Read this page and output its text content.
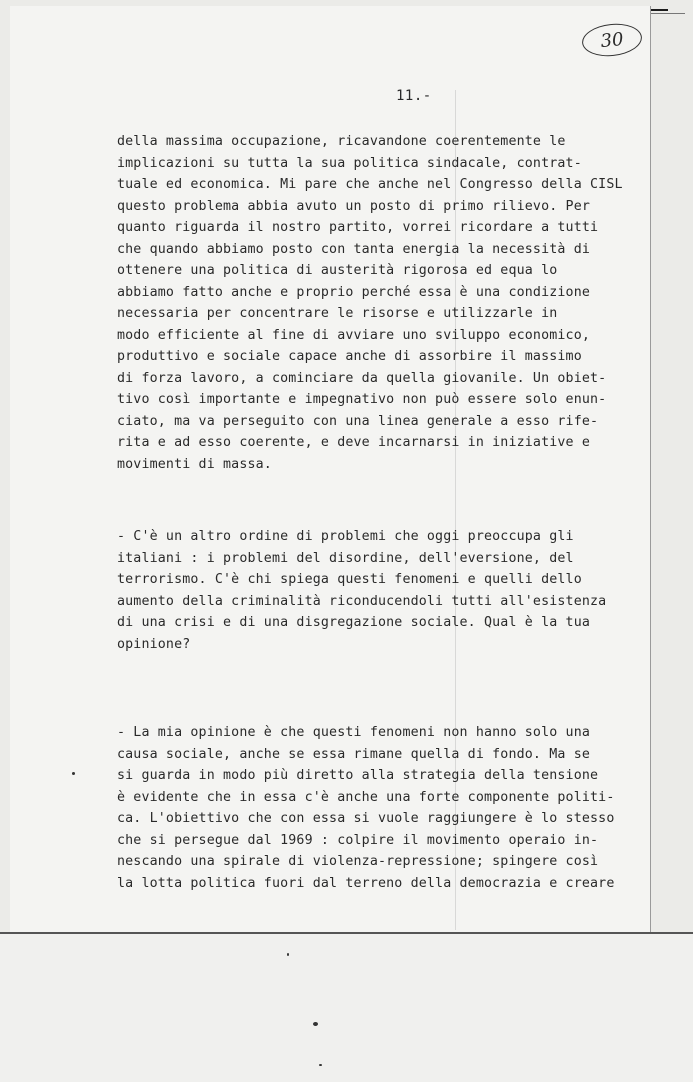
30
11.-
della massima occupazione, ricavandone coerentemente le
implicazioni su tutta la sua politica sindacale, contrat-
tuale ed economica. Mi pare che anche nel Congresso della CISL
questo problema abbia avuto un posto di primo rilievo. Per
quanto riguarda il nostro partito, vorrei ricordare a tutti
che quando abbiamo posto con tanta energia la necessità di
ottenere una politica di austerità rigorosa ed equa lo
abbiamo fatto anche e proprio perché essa è una condizione
necessaria per concentrare le risorse e utilizzarle in
modo efficiente al fine di avviare uno sviluppo economico,
produttivo e sociale capace anche di assorbire il massimo
di forza lavoro, a cominciare da quella giovanile. Un obiet-
tivo così importante e impegnativo non può essere solo enun-
ciato, ma va perseguito con una linea generale a esso rife-
rita e ad esso coerente, e deve incarnarsi in iniziative e
movimenti di massa.
- C'è un altro ordine di problemi che oggi preoccupa gli
italiani : i problemi del disordine, dell'eversione, del
terrorismo. C'è chi spiega questi fenomeni e quelli dello
aumento della criminalità riconducendoli tutti all'esistenza
di una crisi e di una disgregazione sociale. Qual è la tua
opinione?
- La mia opinione è che questi fenomeni non hanno solo una
causa sociale, anche se essa rimane quella di fondo. Ma se
si guarda in modo più diretto alla strategia della tensione
è evidente che in essa c'è anche una forte componente politi-
ca. L'obiettivo che con essa si vuole raggiungere è lo stesso
che si persegue dal 1969 : colpire il movimento operaio in-
nescando una spirale di violenza-repressione; spingere così
la lotta politica fuori dal terreno della democrazia e creare
